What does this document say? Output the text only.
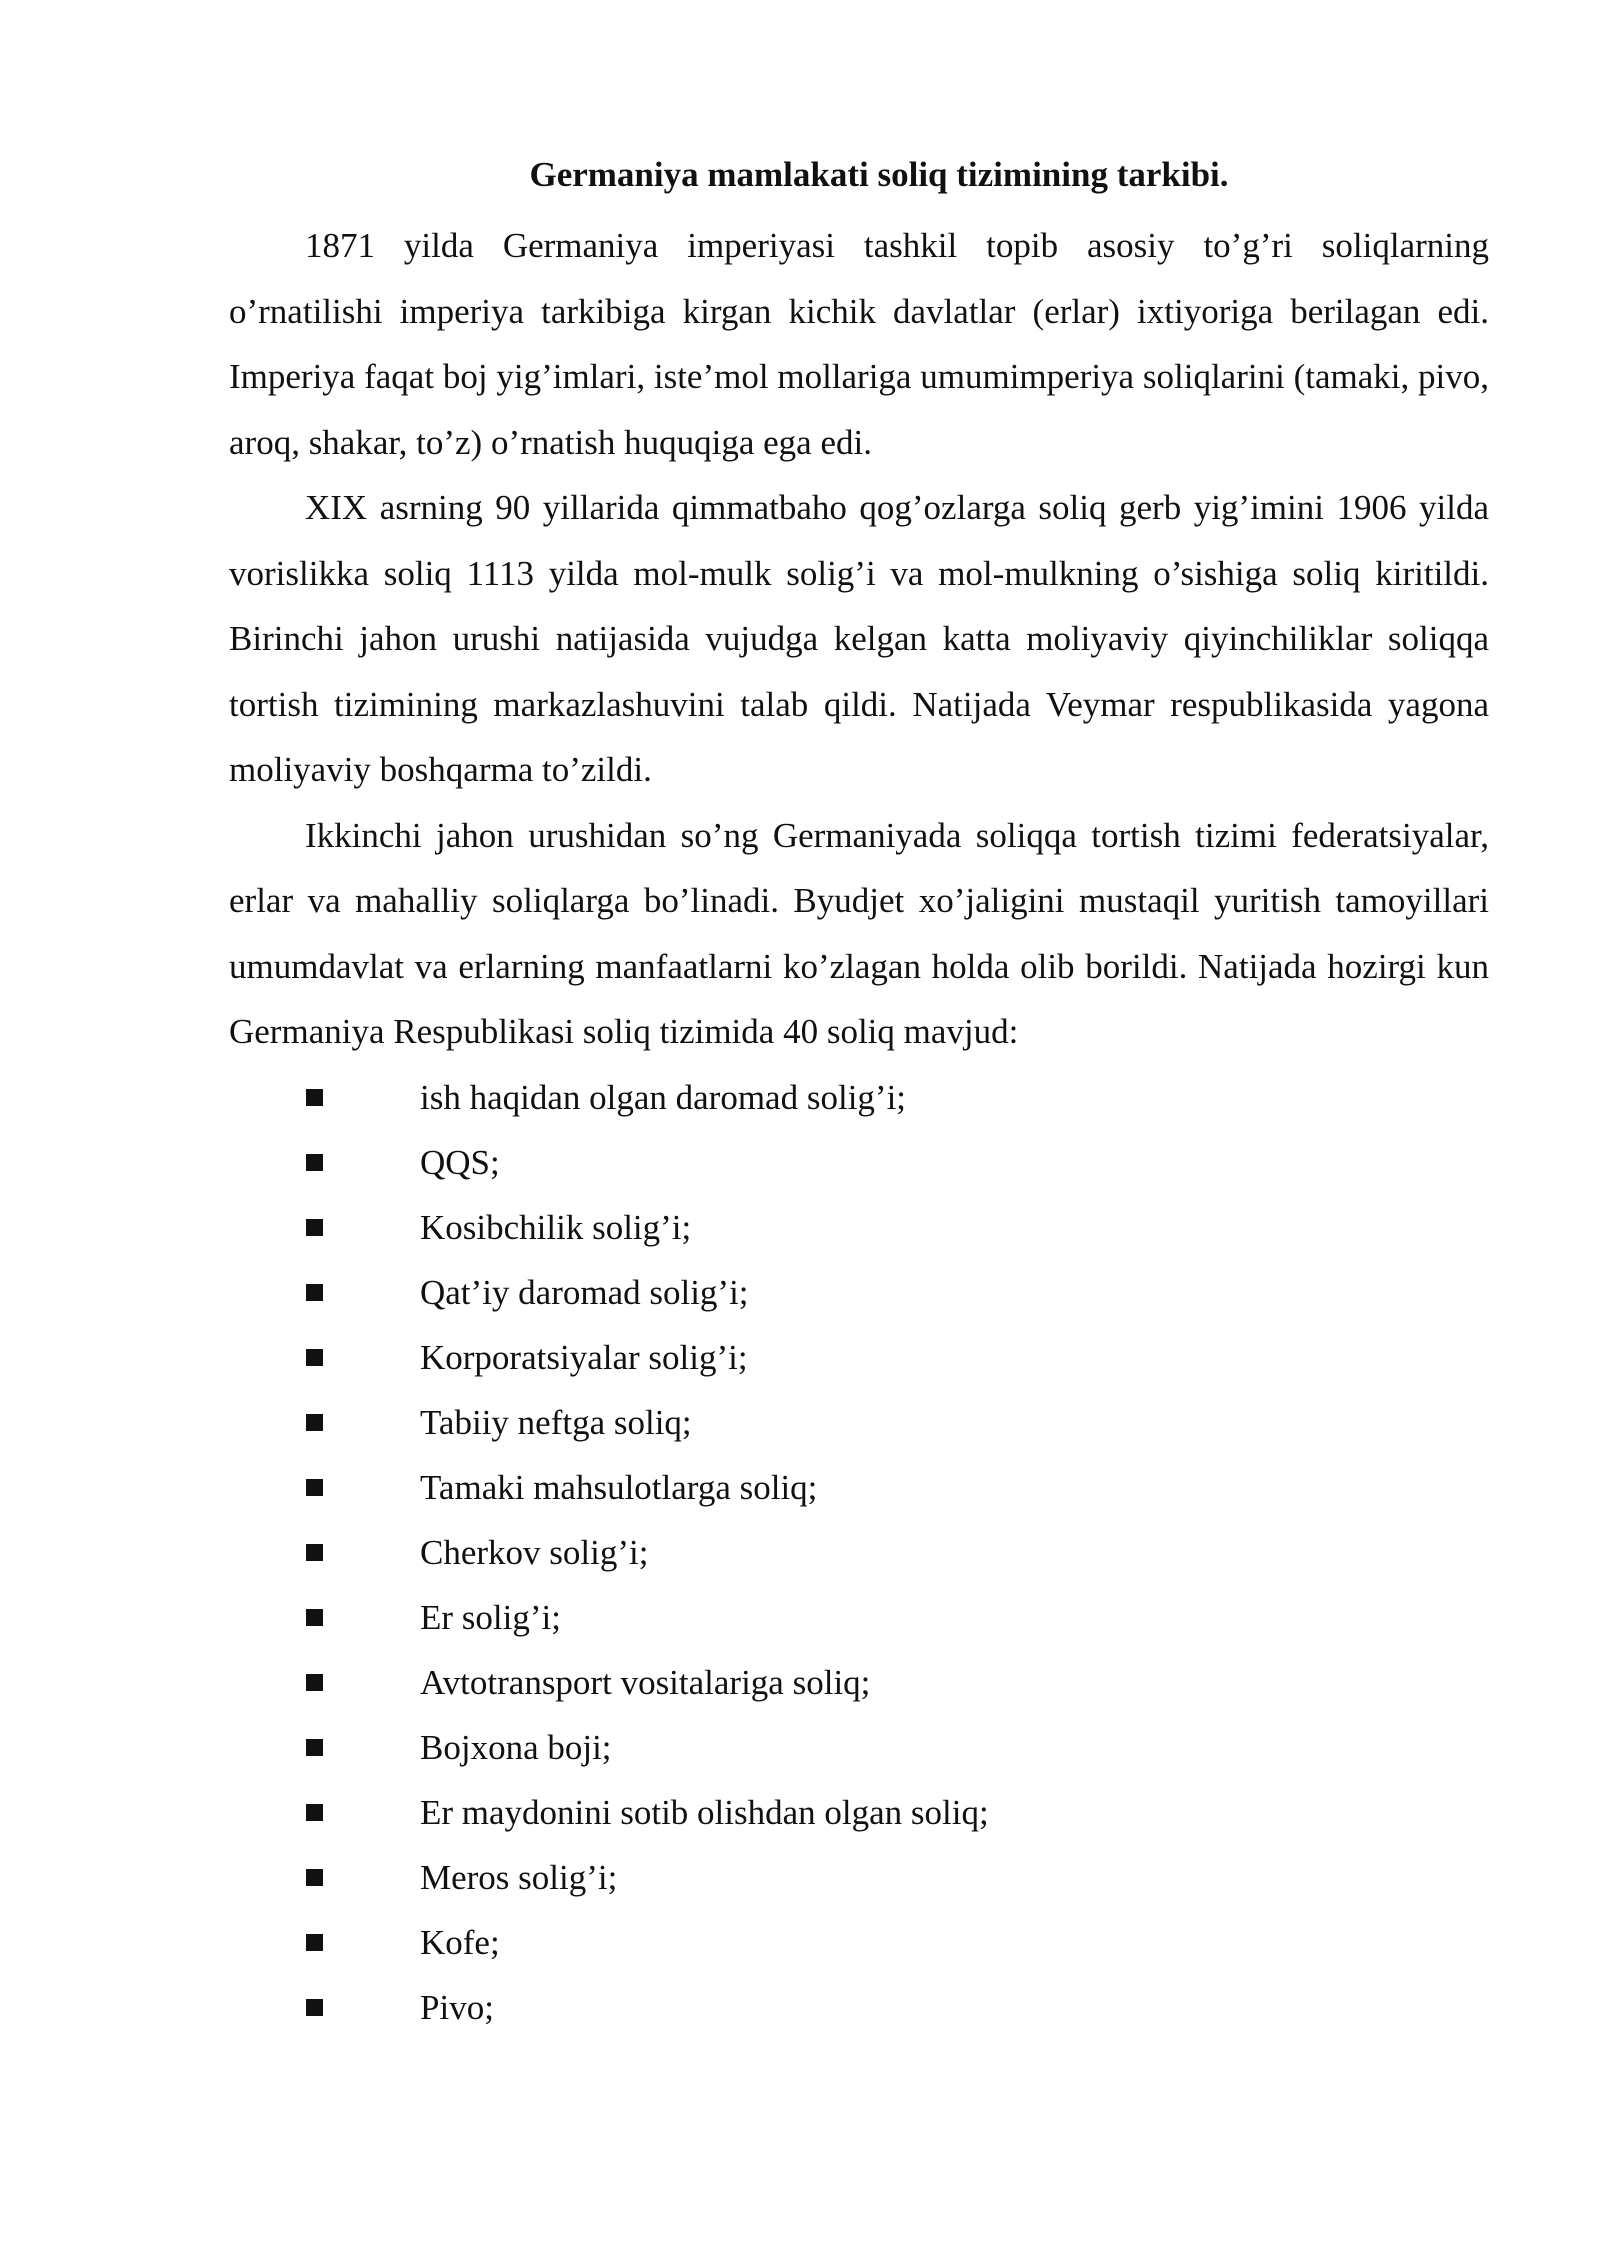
Germaniya mamlakati soliq tizimining tarkibi.

1871 yilda Germaniya imperiyasi tashkil topib asosiy to’g’ri soliqlarning o’rnatilishi imperiya tarkibiga kirgan kichik davlatlar (erlar) ixtiyoriga berilagan edi. Imperiya faqat boj yig’imlari, iste’mol mollariga umumimperiya soliqlarini (tamaki, pivo, aroq, shakar, to’z) o’rnatish huquqiga ega edi.

XIX asrning 90 yillarida qimmatbaho qog’ozlarga soliq gerb yig’imini 1906 yilda vorislikka soliq 1113 yilda mol-mulk solig’i va mol-mulkning o’sishiga soliq kiritildi. Birinchi jahon urushi natijasida vujudga kelgan katta moliyaviy qiyinchiliklar soliqqa tortish tizimining markazlashuvini talab qildi. Natijada Veymar respublikasida yagona moliyaviy boshqarma to’zildi.

Ikkinchi jahon urushidan so’ng Germaniyada soliqqa tortish tizimi federatsiyalar, erlar va mahalliy soliqlarga bo’linadi. Byudjet xo’jaligini mustaqil yuritish tamoyillari umumdavlat va erlarning manfaatlarni ko’zlagan holda olib borildi. Natijada hozirgi kun Germaniya Respublikasi soliq tizimida 40 soliq mavjud:

ish haqidan olgan daromad solig’i;
QQS;
Kosibchilik solig’i;
Qat’iy daromad solig’i;
Korporatsiyalar solig’i;
Tabiiy neftga soliq;
Tamaki mahsulotlarga soliq;
Cherkov solig’i;
Er solig’i;
Avtotransport vositalariga soliq;
Bojxona boji;
Er maydonini sotib olishdan olgan soliq;
Meros solig’i;
Kofe;
Pivo;
